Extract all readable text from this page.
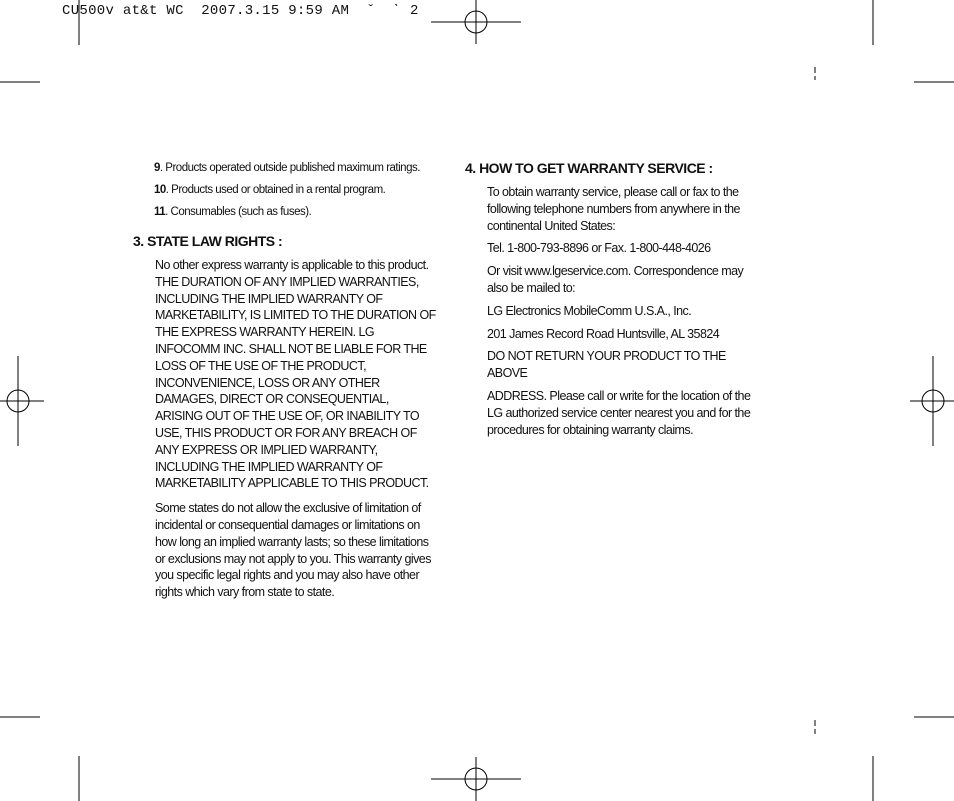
CU500v at&t WC  2007.3.15 9:59 AM  ˇ  ˋ 2
9. Products operated outside published maximum ratings.
10. Products used or obtained in a rental program.
11. Consumables (such as fuses).
3. STATE LAW RIGHTS :

No other express warranty is applicable to this product. THE DURATION OF ANY IMPLIED WARRANTIES, INCLUDING THE IMPLIED WARRANTY OF MARKETABILITY, IS LIMITED TO THE DURATION OF THE EXPRESS WARRANTY HEREIN. LG INFOCOMM INC. SHALL NOT BE LIABLE FOR THE LOSS OF THE USE OF THE PRODUCT, INCONVENIENCE, LOSS OR ANY OTHER DAMAGES, DIRECT OR CONSEQUENTIAL, ARISING OUT OF THE USE OF, OR INABILITY TO USE, THIS PRODUCT OR FOR ANY BREACH OF ANY EXPRESS OR IMPLIED WARRANTY, INCLUDING THE IMPLIED WARRANTY OF MARKETABILITY APPLICABLE TO THIS PRODUCT.

Some states do not allow the exclusive of limitation of incidental or consequential damages or limitations on how long an implied warranty lasts; so these limitations or exclusions may not apply to you. This warranty gives you specific legal rights and you may also have other rights which vary from state to state.

4. HOW TO GET WARRANTY SERVICE :

To obtain warranty service, please call or fax to the following telephone numbers from anywhere in the continental United States:

Tel. 1-800-793-8896 or Fax. 1-800-448-4026

Or visit www.lgeservice.com. Correspondence may also be mailed to:

LG Electronics MobileComm U.S.A., Inc.

201 James Record Road Huntsville, AL 35824

DO NOT RETURN YOUR PRODUCT TO THE ABOVE

ADDRESS. Please call or write for the location of the LG authorized service center nearest you and for the procedures for obtaining warranty claims.
